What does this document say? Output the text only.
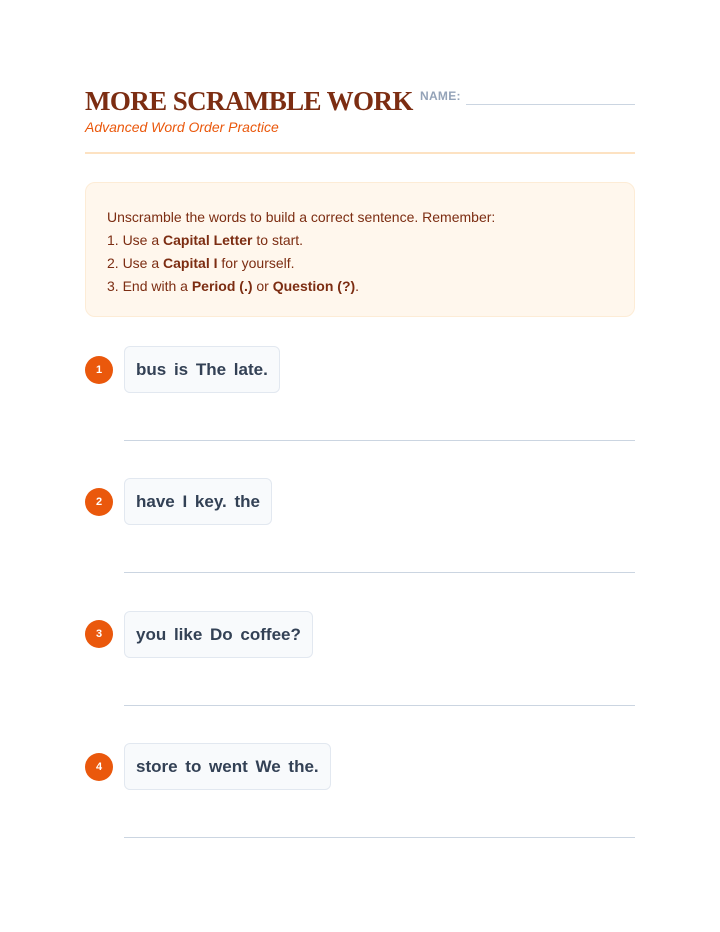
MORE SCRAMBLE WORK
Advanced Word Order Practice
NAME:
Unscramble the words to build a correct sentence. Remember:
1. Use a Capital Letter to start.
2. Use a Capital I for yourself.
3. End with a Period (.) or Question (?).
1	bus is The late.
2	have I key. the
3	you like Do coffee?
4	store to went We the.
